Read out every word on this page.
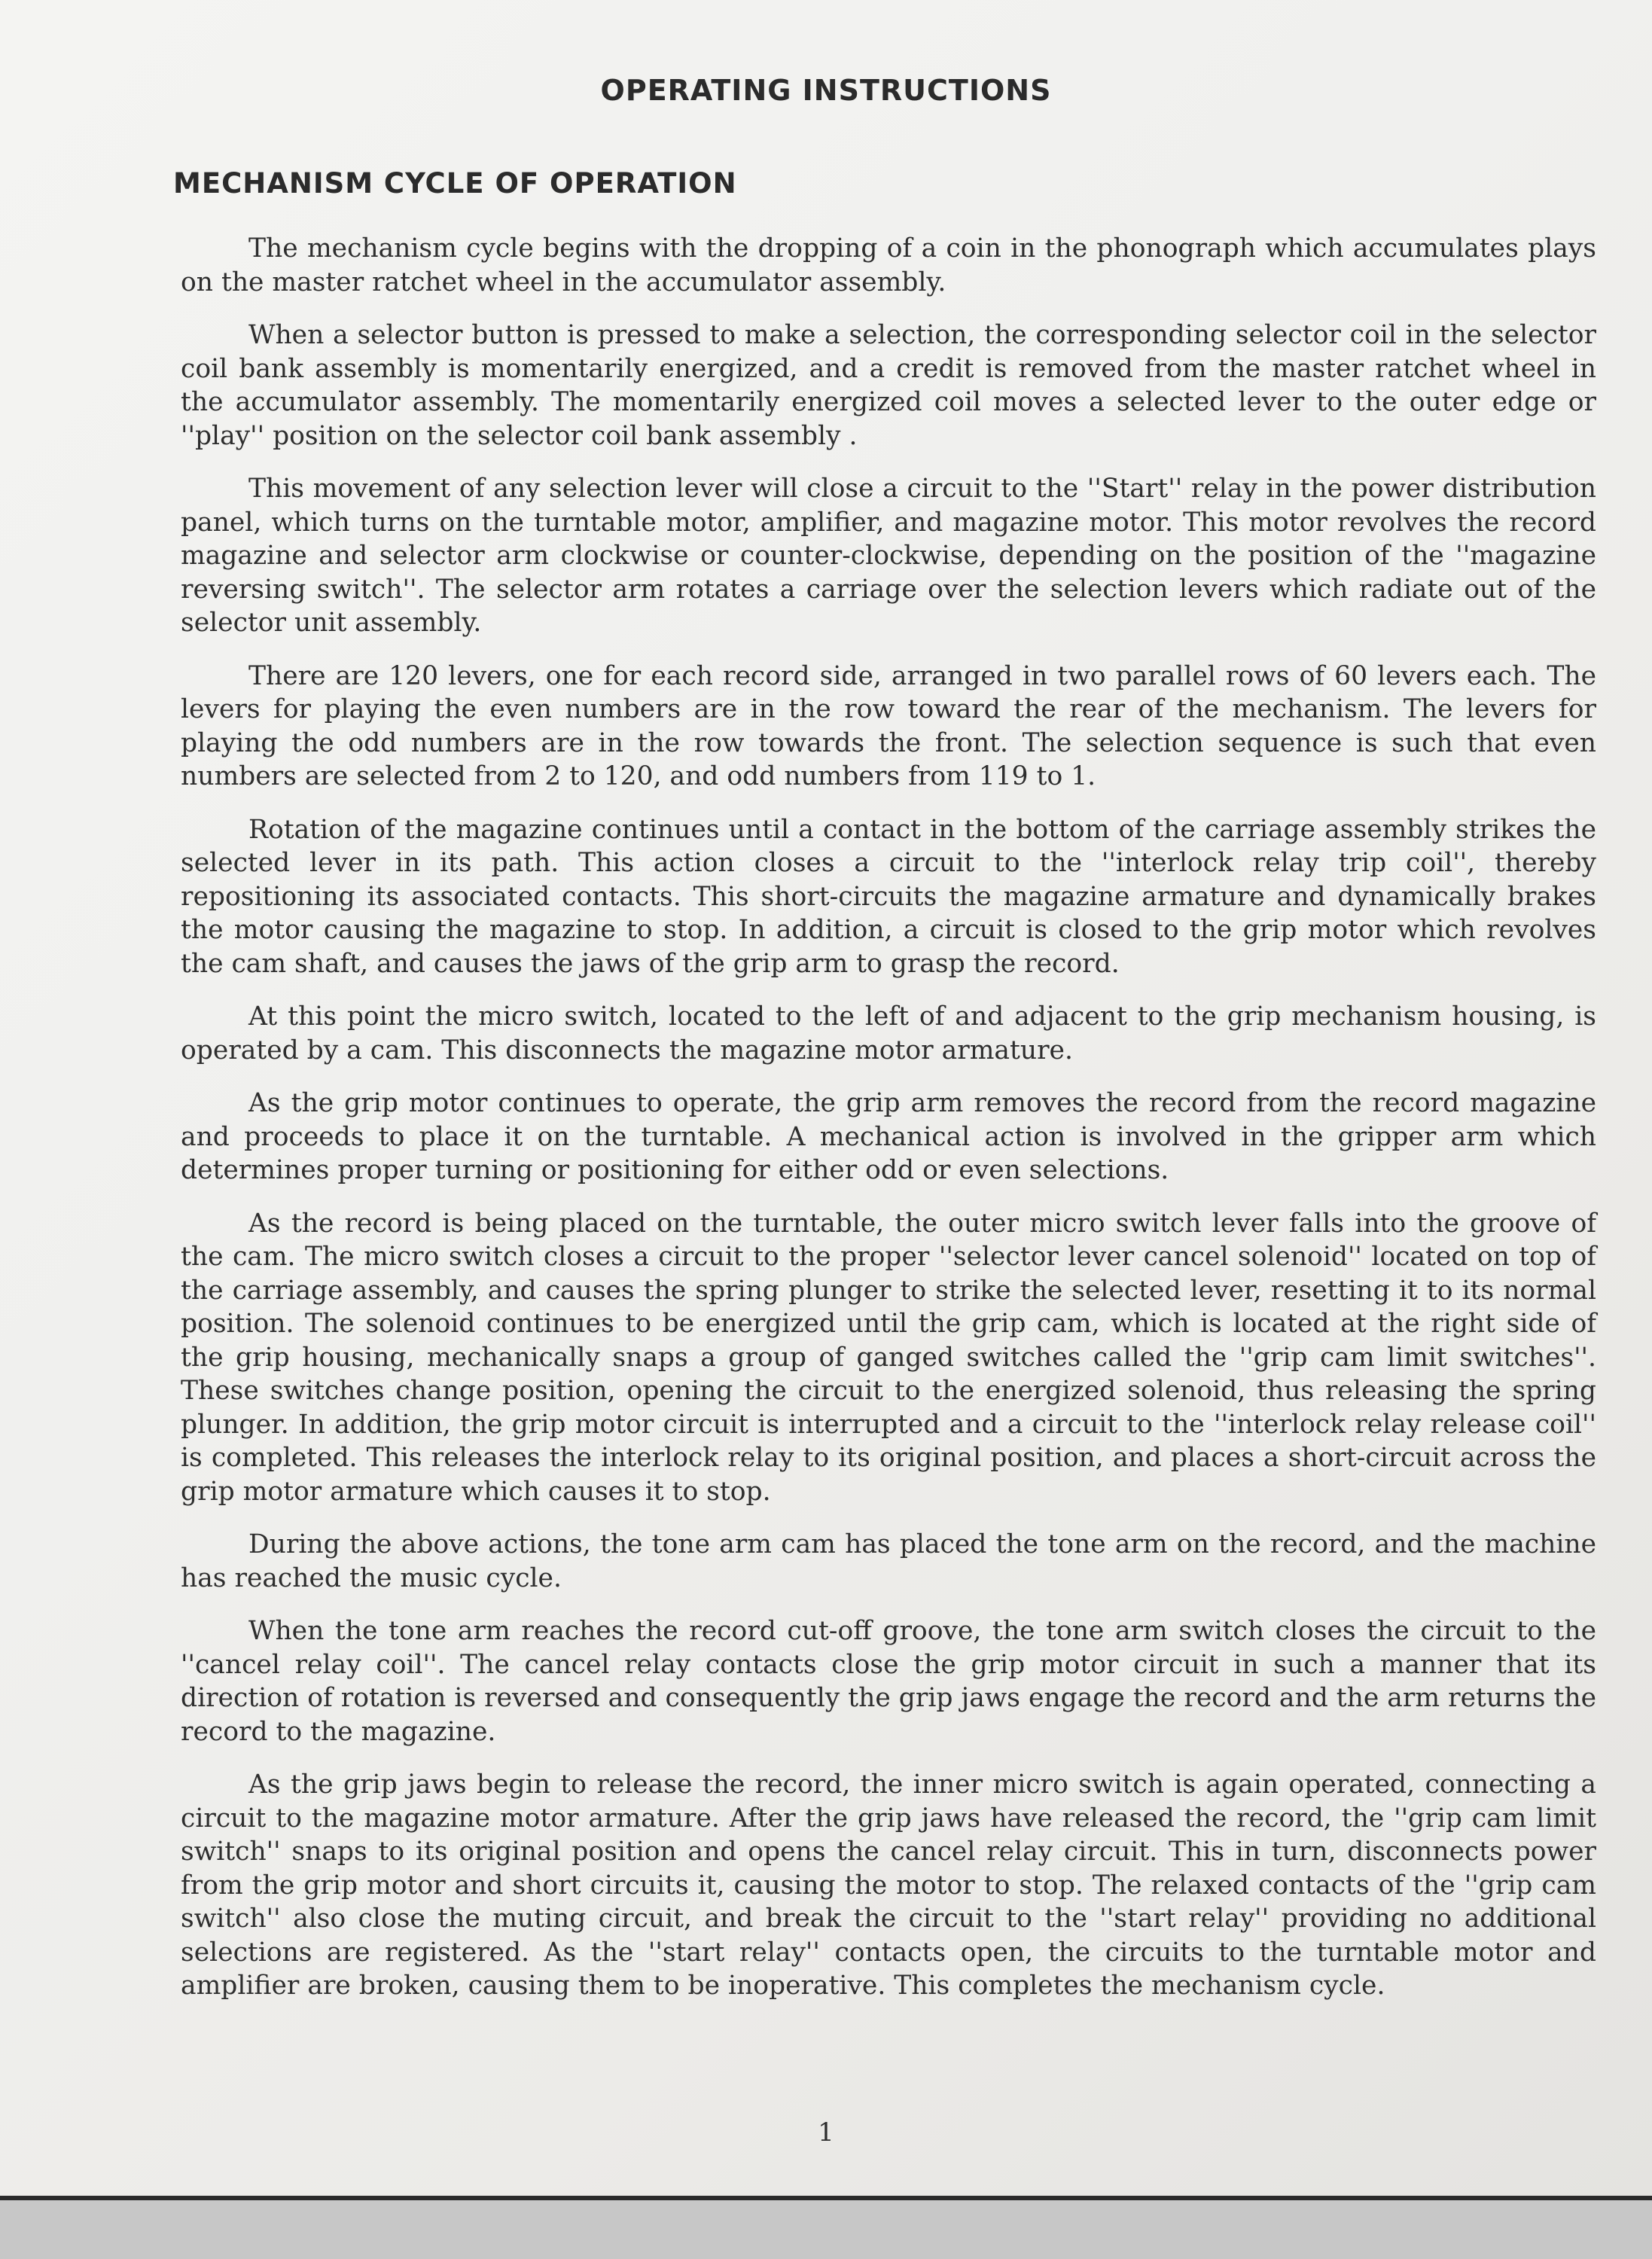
OPERATING INSTRUCTIONS
MECHANISM CYCLE OF OPERATION

The mechanism cycle begins with the dropping of a coin in the phonograph which accumulates plays on the master ratchet wheel in the accumulator assembly.

When a selector button is pressed to make a selection, the corresponding selector coil in the selector coil bank assembly is momentarily energized, and a credit is removed from the master ratchet wheel in the accumulator assembly. The momentarily energized coil moves a selected lever to the outer edge or ''play'' position on the selector coil bank assembly .

This movement of any selection lever will close a circuit to the ''Start'' relay in the power distribution panel, which turns on the turntable motor, amplifier, and magazine motor. This motor revolves the record magazine and selector arm clockwise or counter-clockwise, depending on the position of the ''magazine reversing switch''. The selector arm rotates a carriage over the selection levers which radiate out of the selector unit assembly.

There are 120 levers, one for each record side, arranged in two parallel rows of 60 levers each. The levers for playing the even numbers are in the row toward the rear of the mechanism. The levers for playing the odd numbers are in the row towards the front. The selection sequence is such that even numbers are selected from 2 to 120, and odd numbers from 119 to 1.

Rotation of the magazine continues until a contact in the bottom of the carriage assembly strikes the selected lever in its path. This action closes a circuit to the ''interlock relay trip coil'', thereby repositioning its associated contacts. This short-circuits the magazine armature and dynamically brakes the motor causing the magazine to stop. In addition, a circuit is closed to the grip motor which revolves the cam shaft, and causes the jaws of the grip arm to grasp the record.

At this point the micro switch, located to the left of and adjacent to the grip mechanism housing, is operated by a cam. This disconnects the magazine motor armature.

As the grip motor continues to operate, the grip arm removes the record from the record magazine and proceeds to place it on the turntable. A mechanical action is involved in the gripper arm which determines proper turning or positioning for either odd or even selections.

As the record is being placed on the turntable, the outer micro switch lever falls into the groove of the cam. The micro switch closes a circuit to the proper ''selector lever cancel solenoid'' located on top of the carriage assembly, and causes the spring plunger to strike the selected lever, resetting it to its normal position. The solenoid continues to be energized until the grip cam, which is located at the right side of the grip housing, mechanically snaps a group of ganged switches called the ''grip cam limit switches''. These switches change position, opening the circuit to the energized solenoid, thus releasing the spring plunger. In addition, the grip motor circuit is interrupted and a circuit to the ''interlock relay release coil'' is completed. This releases the interlock relay to its original position, and places a short-circuit across the grip motor armature which causes it to stop.

During the above actions, the tone arm cam has placed the tone arm on the record, and the machine has reached the music cycle.

When the tone arm reaches the record cut-off groove, the tone arm switch closes the circuit to the ''cancel relay coil''. The cancel relay contacts close the grip motor circuit in such a manner that its direction of rotation is reversed and consequently the grip jaws engage the record and the arm returns the record to the magazine.

As the grip jaws begin to release the record, the inner micro switch is again operated, connecting a circuit to the magazine motor armature. After the grip jaws have released the record, the ''grip cam limit switch'' snaps to its original position and opens the cancel relay circuit. This in turn, disconnects power from the grip motor and short circuits it, causing the motor to stop. The relaxed contacts of the ''grip cam switch'' also close the muting circuit, and break the circuit to the ''start relay'' providing no additional selections are registered. As the ''start relay'' contacts open, the circuits to the turntable motor and amplifier are broken, causing them to be inoperative. This completes the mechanism cycle.

1
